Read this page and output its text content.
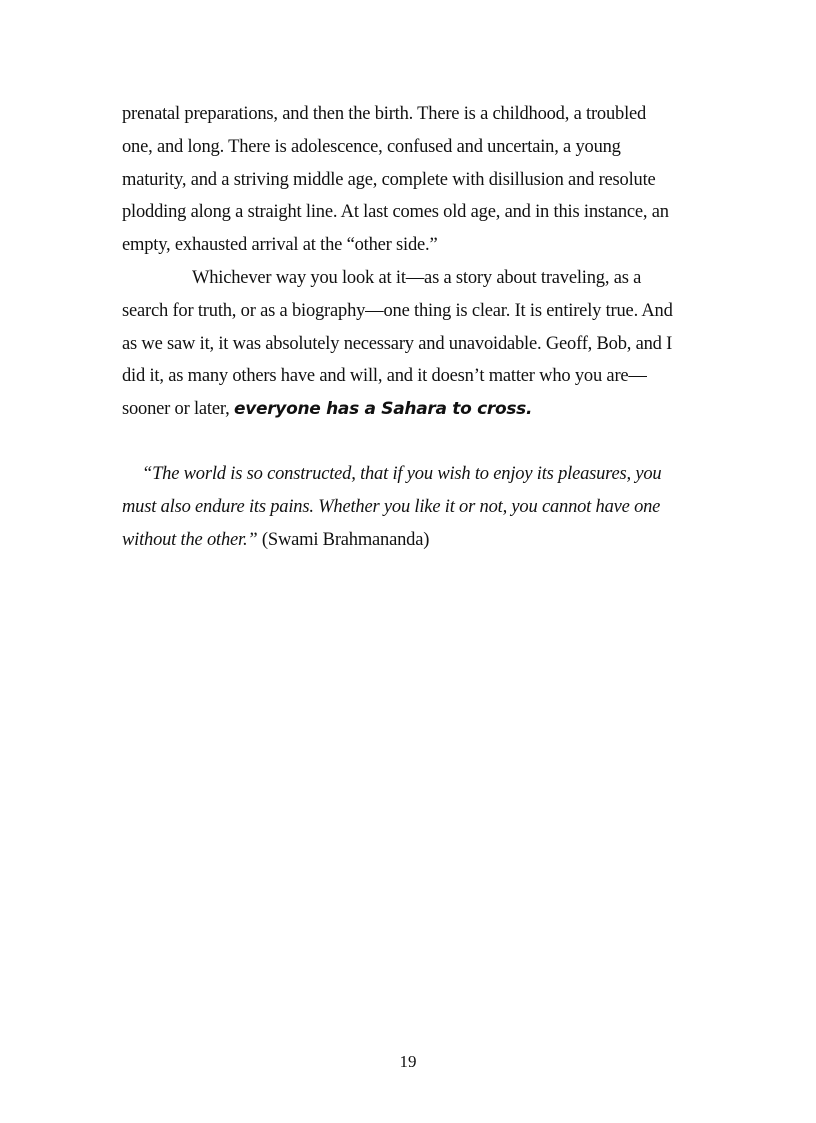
prenatal preparations, and then the birth. There is a childhood, a troubled
one, and long. There is adolescence, confused and uncertain, a young
maturity, and a striving middle age, complete with disillusion and resolute
plodding along a straight line. At last comes old age, and in this instance, an
empty, exhausted arrival at the “other side.”

Whichever way you look at it—as a story about traveling, as a
search for truth, or as a biography—one thing is clear. It is entirely true. And
as we saw it, it was absolutely necessary and unavoidable. Geoff, Bob, and I
did it, as many others have and will, and it doesn’t matter who you are—
sooner or later, everyone has a Sahara to cross.

“The world is so constructed, that if you wish to enjoy its pleasures, you
must also endure its pains. Whether you like it or not, you cannot have one
without the other.” (Swami Brahmananda)
19
